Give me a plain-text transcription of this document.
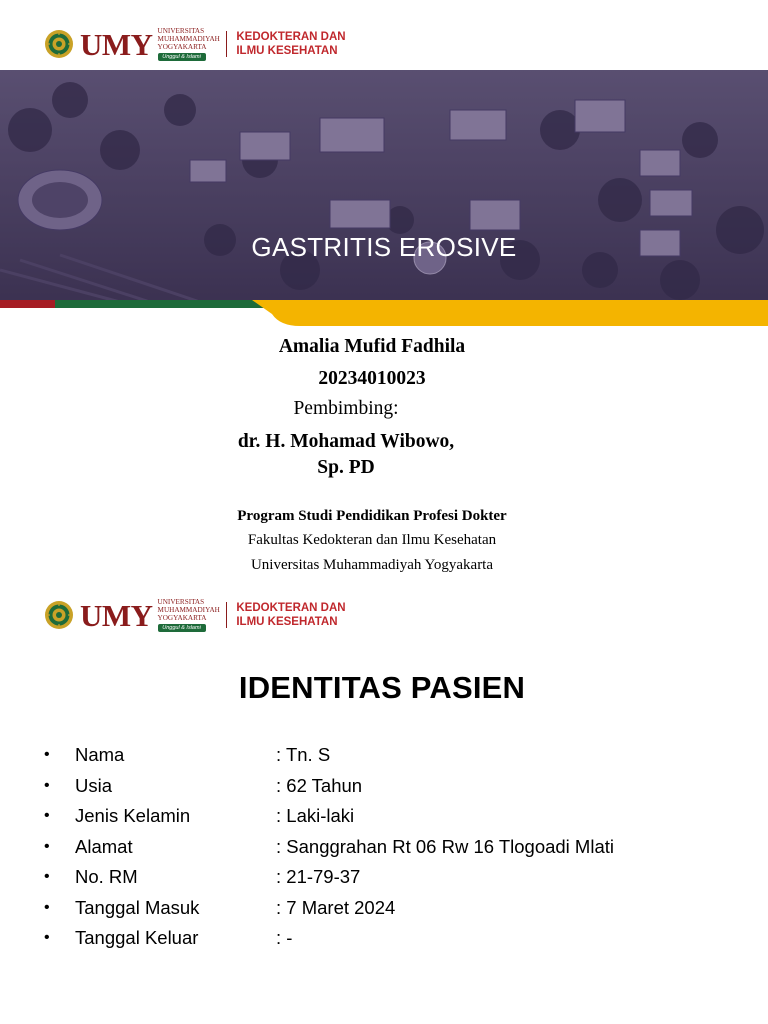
UMY UNIVERSITAS
MUHAMMADIYAH
YOGYAKARTA
Unggul & Islami
KEDOKTERAN DAN
ILMU KESEHATAN
GASTRITIS EROSIVE
Amalia Mufid Fadhila
20234010023
Pembimbing:
dr. H. Mohamad Wibowo,
Sp. PD
Program Studi Pendidikan Profesi Dokter
Fakultas Kedokteran dan Ilmu Kesehatan
Universitas Muhammadiyah Yogyakarta
UMY UNIVERSITAS
MUHAMMADIYAH
YOGYAKARTA
Unggul & Islami
KEDOKTERAN DAN
ILMU KESEHATAN
IDENTITAS PASIEN
• Nama	: Tn. S
• Usia	: 62 Tahun
• Jenis Kelamin	: Laki-laki
• Alamat	: Sanggrahan Rt 06 Rw 16 Tlogoadi Mlati
• No. RM	: 21-79-37
• Tanggal Masuk	: 7 Maret 2024
• Tanggal Keluar	: -
